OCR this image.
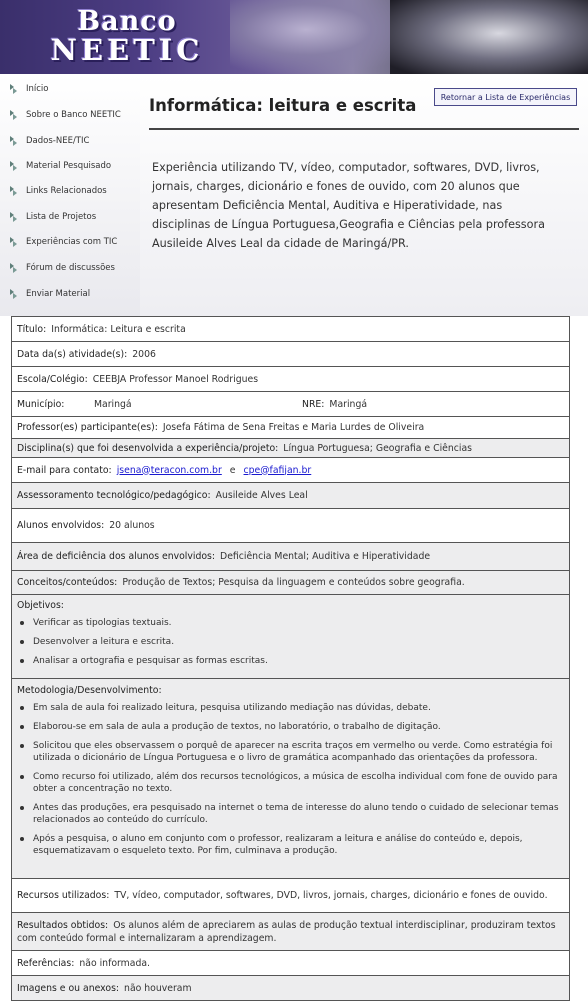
Banco
NEETIC
Início
Sobre o Banco NEETIC
Dados-NEE/TIC
Material Pesquisado
Links Relacionados
Lista de Projetos
Experiências com TIC
Fórum de discussões
Enviar Material
Informática: leitura e escrita	Retornar a Lista de Experiências
Experiência utilizando TV, vídeo, computador, softwares, DVD, livros, jornais, charges, dicionário e fones de ouvido, com 20 alunos que apresentam Deficiência Mental, Auditiva e Hiperatividade, nas disciplinas de Língua Portuguesa,Geografia e Ciências pela professora Ausileide Alves Leal da cidade de Maringá/PR.
Título: Informática: Leitura e escrita
Data da(s) atividade(s): 2006
Escola/Colégio: CEEBJA Professor Manoel Rodrigues
Município:	Maringá	NRE: Maringá
Professor(es) participante(es): Josefa Fátima de Sena Freitas e Maria Lurdes de Oliveira
Disciplina(s) que foi desenvolvida a experiência/projeto: Língua Portuguesa; Geografia e Ciências
E-mail para contato: jsena@teracon.com.br e cpe@fafijan.br
Assessoramento tecnológico/pedagógico: Ausileide Alves Leal
Alunos envolvidos: 20 alunos
Área de deficiência dos alunos envolvidos: Deficiência Mental; Auditiva e Hiperatividade
Conceitos/conteúdos: Produção de Textos; Pesquisa da linguagem e conteúdos sobre geografia.
Objetivos:
Verificar as tipologias textuais.
Desenvolver a leitura e escrita.
Analisar a ortografia e pesquisar as formas escritas.
Metodologia/Desenvolvimento:
Em sala de aula foi realizado leitura, pesquisa utilizando mediação nas dúvidas, debate.
Elaborou-se em sala de aula a produção de textos, no laboratório, o trabalho de digitação.
Solicitou que eles observassem o porquê de aparecer na escrita traços em vermelho ou verde. Como estratégia foi utilizada o dicionário de Língua Portuguesa e o livro de gramática acompanhado das orientações da professora.
Como recurso foi utilizado, além dos recursos tecnológicos, a música de escolha individual com fone de ouvido para obter a concentração no texto.
Antes das produções, era pesquisado na internet o tema de interesse do aluno tendo o cuidado de selecionar temas relacionados ao conteúdo do currículo.
Após a pesquisa, o aluno em conjunto com o professor, realizaram a leitura e análise do conteúdo e, depois, esquematizavam o esqueleto texto. Por fim, culminava a produção.
Recursos utilizados: TV, vídeo, computador, softwares, DVD, livros, jornais, charges, dicionário e fones de ouvido.
Resultados obtidos: Os alunos além de apreciarem as aulas de produção textual interdisciplinar, produziram textos com conteúdo formal e internalizaram a aprendizagem.
Referências: não informada.
Imagens e ou anexos: não houveram
